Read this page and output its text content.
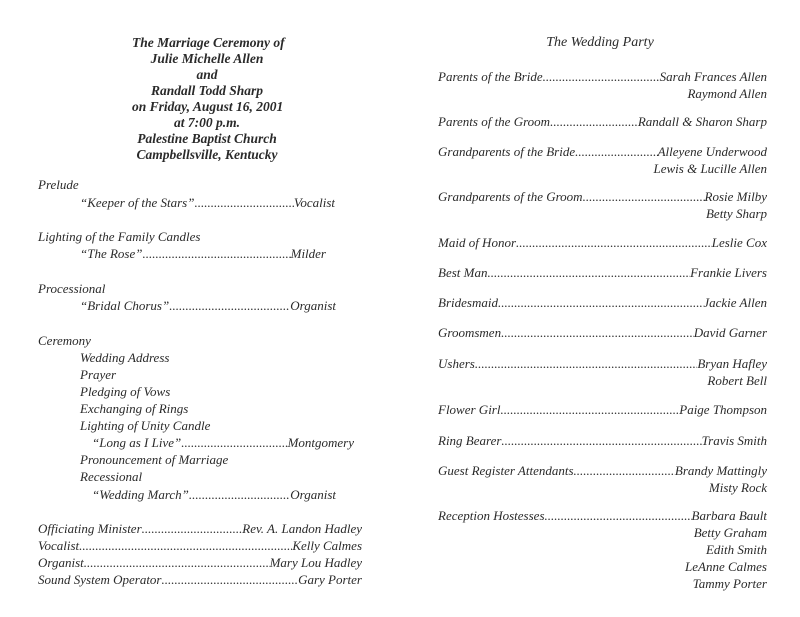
The Marriage Ceremony of
Julie Michelle Allen
and
Randall Todd Sharp
on Friday, August 16, 2001
at 7:00 p.m.
Palestine Baptist Church
Campbellsville, Kentucky
Prelude
“Keeper of the Stars” .....	Vocalist
Lighting of the Family Candles
“The Rose” .....	Milder
Processional
“Bridal Chorus” .....	Organist
Ceremony
Wedding Address
Prayer
Pledging of Vows
Exchanging of Rings
Lighting of Unity Candle
“Long as I Live” .....	Montgomery
Pronouncement of Marriage
Recessional
“Wedding March” .....	Organist
Officiating Minister .....	Rev. A. Landon Hadley
Vocalist .....	Kelly Calmes
Organist .....	Mary Lou Hadley
Sound System Operator .....	Gary Porter
The Wedding Party
Parents of the Bride .....	Sarah Frances Allen
Raymond Allen
Parents of the Groom .....	Randall & Sharon Sharp
Grandparents of the Bride .....	Alleyene Underwood
Lewis & Lucille Allen
Grandparents of the Groom .....	Rosie Milby
Betty Sharp
Maid of Honor .....	Leslie Cox
Best Man .....	Frankie Livers
Bridesmaid .....	Jackie Allen
Groomsmen .....	David Garner
Ushers .....	Bryan Hafley
Robert Bell
Flower Girl .....	Paige Thompson
Ring Bearer .....	Travis Smith
Guest Register Attendants .....	Brandy Mattingly
Misty Rock
Reception Hostesses .....	Barbara Bault
Betty Graham
Edith Smith
LeAnne Calmes
Tammy Porter
